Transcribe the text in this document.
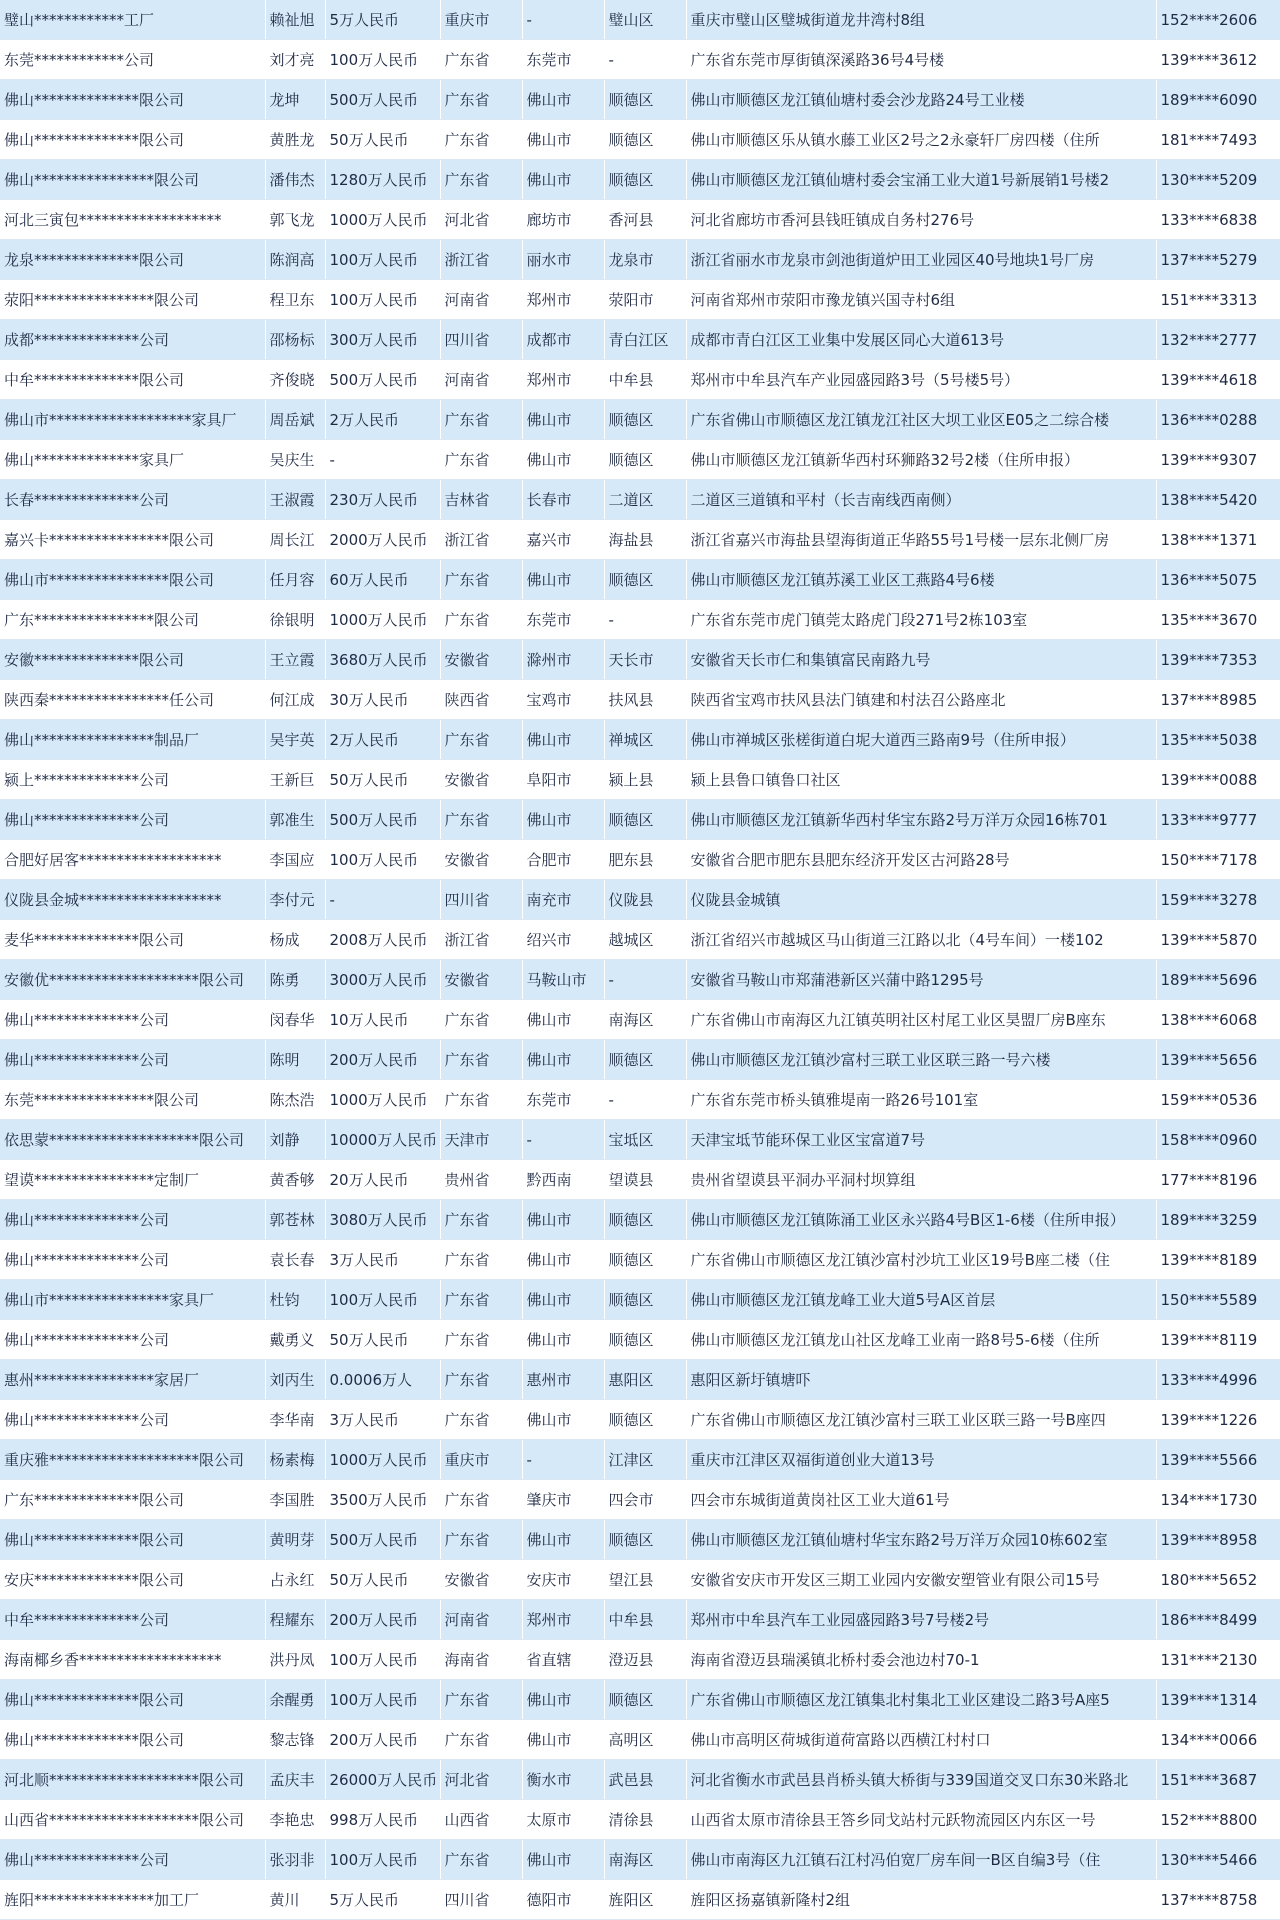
璧山************工厂	赖祉旭	5万人民币	重庆市	-	璧山区	重庆市璧山区璧城街道龙井湾村8组	152****2606
东莞************公司	刘才亮	100万人民币	广东省	东莞市	-	广东省东莞市厚街镇深溪路36号4号楼	139****3612
佛山**************限公司	龙坤	500万人民币	广东省	佛山市	顺德区	佛山市顺德区龙江镇仙塘村委会沙龙路24号工业楼	189****6090
佛山**************限公司	黄胜龙	50万人民币	广东省	佛山市	顺德区	佛山市顺德区乐从镇水藤工业区2号之2永豪轩厂房四楼（住所	181****7493
佛山****************限公司	潘伟杰	1280万人民币	广东省	佛山市	顺德区	佛山市顺德区龙江镇仙塘村委会宝涌工业大道1号新展销1号楼2	130****5209
河北三寅包*******************	郭飞龙	1000万人民币	河北省	廊坊市	香河县	河北省廊坊市香河县钱旺镇成自务村276号	133****6838
龙泉**************限公司	陈润高	100万人民币	浙江省	丽水市	龙泉市	浙江省丽水市龙泉市剑池街道炉田工业园区40号地块1号厂房	137****5279
荥阳****************限公司	程卫东	100万人民币	河南省	郑州市	荥阳市	河南省郑州市荥阳市豫龙镇兴国寺村6组	151****3313
成都**************公司	邵杨标	300万人民币	四川省	成都市	青白江区	成都市青白江区工业集中发展区同心大道613号	132****2777
中牟**************限公司	齐俊晓	500万人民币	河南省	郑州市	中牟县	郑州市中牟县汽车产业园盛园路3号（5号楼5号）	139****4618
佛山市*******************家具厂	周岳斌	2万人民币	广东省	佛山市	顺德区	广东省佛山市顺德区龙江镇龙江社区大坝工业区E05之二综合楼	136****0288
佛山**************家具厂	吴庆生	-	广东省	佛山市	顺德区	佛山市顺德区龙江镇新华西村环狮路32号2楼（住所申报）	139****9307
长春**************公司	王淑霞	230万人民币	吉林省	长春市	二道区	二道区三道镇和平村（长吉南线西南侧）	138****5420
嘉兴卡****************限公司	周长江	2000万人民币	浙江省	嘉兴市	海盐县	浙江省嘉兴市海盐县望海街道正华路55号1号楼一层东北侧厂房	138****1371
佛山市****************限公司	任月容	60万人民币	广东省	佛山市	顺德区	佛山市顺德区龙江镇苏溪工业区工燕路4号6楼	136****5075
广东****************限公司	徐银明	1000万人民币	广东省	东莞市	-	广东省东莞市虎门镇莞太路虎门段271号2栋103室	135****3670
安徽**************限公司	王立霞	3680万人民币	安徽省	滁州市	天长市	安徽省天长市仁和集镇富民南路九号	139****7353
陕西秦****************任公司	何江成	30万人民币	陕西省	宝鸡市	扶风县	陕西省宝鸡市扶风县法门镇建和村法召公路座北	137****8985
佛山****************制品厂	吴宇英	2万人民币	广东省	佛山市	禅城区	佛山市禅城区张槎街道白坭大道西三路南9号（住所申报）	135****5038
颍上**************公司	王新巨	50万人民币	安徽省	阜阳市	颍上县	颍上县鲁口镇鲁口社区	139****0088
佛山**************公司	郭准生	500万人民币	广东省	佛山市	顺德区	佛山市顺德区龙江镇新华西村华宝东路2号万洋万众园16栋701	133****9777
合肥好居客*******************	李国应	100万人民币	安徽省	合肥市	肥东县	安徽省合肥市肥东县肥东经济开发区古河路28号	150****7178
仪陇县金城*******************	李付元	-	四川省	南充市	仪陇县	仪陇县金城镇	159****3278
麦华**************限公司	杨成	2008万人民币	浙江省	绍兴市	越城区	浙江省绍兴市越城区马山街道三江路以北（4号车间）一楼102	139****5870
安徽优********************限公司	陈勇	3000万人民币	安徽省	马鞍山市	-	安徽省马鞍山市郑蒲港新区兴蒲中路1295号	189****5696
佛山**************公司	闵春华	10万人民币	广东省	佛山市	南海区	广东省佛山市南海区九江镇英明社区村尾工业区昊盟厂房B座东	138****6068
佛山**************公司	陈明	200万人民币	广东省	佛山市	顺德区	佛山市顺德区龙江镇沙富村三联工业区联三路一号六楼	139****5656
东莞****************限公司	陈杰浩	1000万人民币	广东省	东莞市	-	广东省东莞市桥头镇雅堤南一路26号101室	159****0536
依思蒙********************限公司	刘静	10000万人民币	天津市	-	宝坻区	天津宝坻节能环保工业区宝富道7号	158****0960
望谟****************定制厂	黄香够	20万人民币	贵州省	黔西南	望谟县	贵州省望谟县平洞办平洞村坝算组	177****8196
佛山**************公司	郭苍林	3080万人民币	广东省	佛山市	顺德区	佛山市顺德区龙江镇陈涌工业区永兴路4号B区1-6楼（住所申报）	189****3259
佛山**************公司	袁长春	3万人民币	广东省	佛山市	顺德区	广东省佛山市顺德区龙江镇沙富村沙坑工业区19号B座二楼（住	139****8189
佛山市****************家具厂	杜钧	100万人民币	广东省	佛山市	顺德区	佛山市顺德区龙江镇龙峰工业大道5号A区首层	150****5589
佛山**************公司	戴勇义	50万人民币	广东省	佛山市	顺德区	佛山市顺德区龙江镇龙山社区龙峰工业南一路8号5-6楼（住所	139****8119
惠州****************家居厂	刘丙生	0.0006万人	广东省	惠州市	惠阳区	惠阳区新圩镇塘吓	133****4996
佛山**************公司	李华南	3万人民币	广东省	佛山市	顺德区	广东省佛山市顺德区龙江镇沙富村三联工业区联三路一号B座四	139****1226
重庆雅********************限公司	杨素梅	1000万人民币	重庆市	-	江津区	重庆市江津区双福街道创业大道13号	139****5566
广东**************限公司	李国胜	3500万人民币	广东省	肇庆市	四会市	四会市东城街道黄岗社区工业大道61号	134****1730
佛山**************限公司	黄明芽	500万人民币	广东省	佛山市	顺德区	佛山市顺德区龙江镇仙塘村华宝东路2号万洋万众园10栋602室	139****8958
安庆**************限公司	占永红	50万人民币	安徽省	安庆市	望江县	安徽省安庆市开发区三期工业园内安徽安塑管业有限公司15号	180****5652
中牟**************公司	程耀东	200万人民币	河南省	郑州市	中牟县	郑州市中牟县汽车工业园盛园路3号7号楼2号	186****8499
海南椰乡香*******************	洪丹凤	100万人民币	海南省	省直辖	澄迈县	海南省澄迈县瑞溪镇北桥村委会池边村70-1	131****2130
佛山**************限公司	余醒勇	100万人民币	广东省	佛山市	顺德区	广东省佛山市顺德区龙江镇集北村集北工业区建设二路3号A座5	139****1314
佛山**************限公司	黎志锋	200万人民币	广东省	佛山市	高明区	佛山市高明区荷城街道荷富路以西横江村村口	134****0066
河北顺********************限公司	孟庆丰	26000万人民币	河北省	衡水市	武邑县	河北省衡水市武邑县肖桥头镇大桥街与339国道交叉口东30米路北	151****3687
山西省********************限公司	李艳忠	998万人民币	山西省	太原市	清徐县	山西省太原市清徐县王答乡同戈站村元跃物流园区内东区一号	152****8800
佛山**************公司	张羽非	100万人民币	广东省	佛山市	南海区	佛山市南海区九江镇石江村冯伯宽厂房车间一B区自编3号（住	130****5466
旌阳****************加工厂	黄川	5万人民币	四川省	德阳市	旌阳区	旌阳区扬嘉镇新隆村2组	137****8758
